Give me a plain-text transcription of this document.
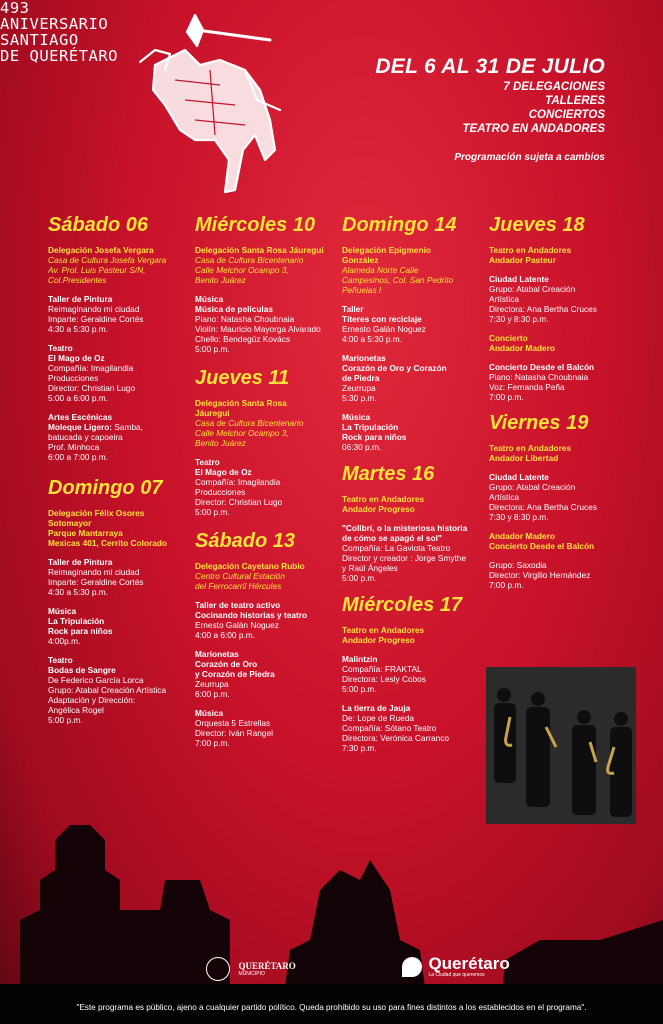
493
ANIVERSARIO
SANTIAGO
DE QUERÉTARO	DEL 6 AL 31 DE JULIO
7 DELEGACIONES
TALLERES
CONCIERTOS
TEATRO EN ANDADORES
Programación sujeta a cambios
Sábado 06
Delegación Josefa Vergara
Casa de Cultura Josefa Vergara
Av. Prol. Luis Pasteur S/N,
Col.Presidentes
Taller de Pintura
Reimaginando mi ciudad
Imparte: Geraldine Cortés
4:30 a 5:30 p.m.
Teatro
El Mago de Oz
Compañía: Imagilandia
Producciones
Director: Christian Lugo
5:00 a 6:00 p.m.
Artes Escénicas
Moleque Ligero: Samba,
batucada y capoeira
Prof. Minhoca
6:00 a 7:00 p.m.
Domingo 07
Delegación Félix Osores
Sotomayor
Parque Mantarraya
Mexicas 401, Cerrito Colorado
Taller de Pintura
Reimaginando mi ciudad
Imparte: Geraldine Cortés
4:30 a 5:30 p.m.
Música
La Tripulación
Rock para niños
4:00p.m.
Teatro
Bodas de Sangre
De Federico García Lorca
Grupo: Atabal Creación Artística
Adaptación y Dirección:
Angélica Rogel
5:00 p.m.
Miércoles 10
Delegación Santa Rosa Jáuregui
Casa de Cultura Bicentenario
Calle Melchor Ocampo 3,
Benito Juárez
Música
Música de películas
Piano: Natasha Choubnaia
Violín: Mauricio Mayorga Alvarado
Chello: Bendegúz Kovács
5:00 p.m.
Jueves 11
Delegación Santa Rosa
Jáuregui
Casa de Cultura Bicentenario
Calle Melchor Ocampo 3,
Benito Juárez
Teatro
El Mago de Oz
Compañía: Imagilandia
Producciones
Director: Christian Lugo
5:00 p.m.
Sábado 13
Delegación Cayetano Rubio
Centro Cultural Estación
del Ferrocarril Hércules
Taller de teatro activo
Cocinando historias y teatro
Ernesto Galán Noguez
4:00 a 6:00 p.m.
Marionetas
Corazón de Oro
y Corazón de Piedra
Zeurrupa
6:00 p.m.
Música
Orquesta 5 Estrellas
Director: Iván Rangel
7:00 p.m.
Domingo 14
Delegación Epigmenio
González
Alameda Norte Calle
Campesinos, Col. San Pedrito
Peñuelas I
Taller
Títeres con reciclaje
Ernesto Galán Noguez
4:00 a 5:30 p.m.
Marionetas
Corazón de Oro y Corazón
de Piedra
Zeurrupa
5:30 p.m.
Música
La Tripulación
Rock para niños
06:30 p.m.
Martes 16
Teatro en Andadores
Andador Progreso
"Colibrí, o la misteriosa historia
de cómo se apagó el sol"
Compañía: La Gaviota Teatro
Director y creador : Jorge Smythe
y Raúl Ángeles
5:00 p.m.
Miércoles 17
Teatro en Andadores
Andador Progreso
Malintzin
Compañía: FRAKTAL
Directora: Lesly Cobos
5:00 p.m.
La tierra de Jauja
De: Lope de Rueda
Compañía: Sótano Teatro
Directora: Verónica Carranco
7:30 p.m.
Jueves 18
Teatro en Andadores
Andador Pasteur
Ciudad Latente
Grupo: Atabal Creación
Artística
Directora: Ana Bertha Cruces
7:30 y 8:30 p.m.
Concierto
Andador Madero
Concierto Desde el Balcón
Piano: Natasha Choubnaia
Voz: Fernanda Peña
7:00 p.m.
Viernes 19
Teatro en Andadores
Andador Libertad
Ciudad Latente
Grupo: Atabal Creación
Artística
Directora: Ana Bertha Cruces
7:30 y 8:30 p.m.
Andador Madero
Concierto Desde el Balcón
Grupo: Saxodia
Director: Virgilio Hernández
7:00 p.m.

QUERÉTARO
MUNICIPIO

Querétaro
La Ciudad que queremos
"Este programa es público, ajeno a cualquier partido político. Queda prohibido su uso para fines distintos a los establecidos en el programa".
